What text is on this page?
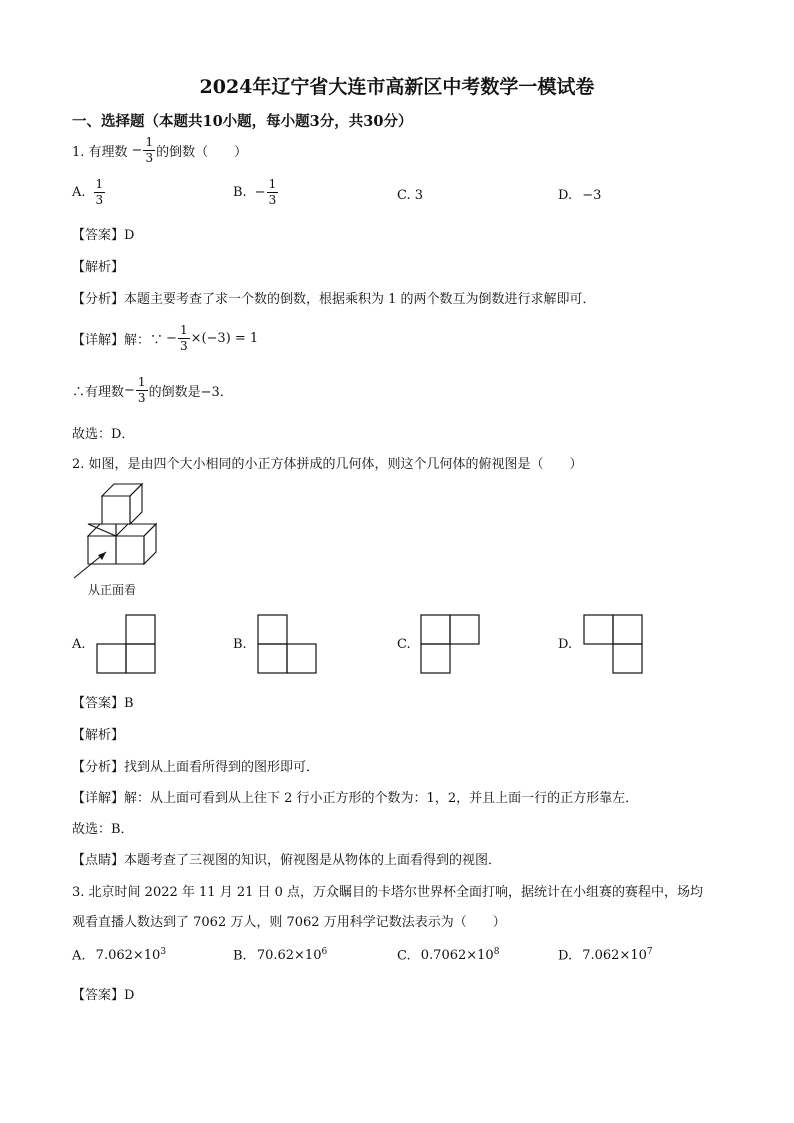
2024年辽宁省大连市高新区中考数学一模试卷
一、选择题（本题共10小题，每小题3分，共30分）
1. 有理数 − $\frac{1}{3}$ 的倒数（　　）
A. $\frac{1}{3}$	B. − $\frac{1}{3}$	C. 3	D. −3
【答案】D
【解析】
【分析】本题主要考查了求一个数的倒数，根据乘积为 1 的两个数互为倒数进行求解即可．
【详解】 解：∵ − $\frac{1}{3} \times(-3) = 1$
∴有理数 − $\frac{1}{3}$ 的倒数是−3．
故选：D．
2. 如图，是由四个大小相同的小正方体拼成的几何体，则这个几何体的俯视图是（　　）
从正面看
A.	B.	C.	D.
【答案】B
【解析】
【分析】找到从上面看所得到的图形即可．
【详解】解：从上面可看到从上往下 2 行小正方形的个数为：1，2，并且上面一行的正方形靠左．
故选：B．
【点睛】本题考查了三视图的知识，俯视图是从物体的上面看得到的视图．
3. 北京时间 2022 年 11 月 21 日 0 点，万众瞩目的卡塔尔世界杯全面打响，据统计在小组赛的赛程中，场均
观看直播人数达到了 7062 万人，则 7062 万用科学记数法表示为（　　）
A. $7.062\times 10^3$	B. $70.62\times 10^6$	C. $0.7062\times 10^8$	D. $7.062\times 10^7$
【答案】D
